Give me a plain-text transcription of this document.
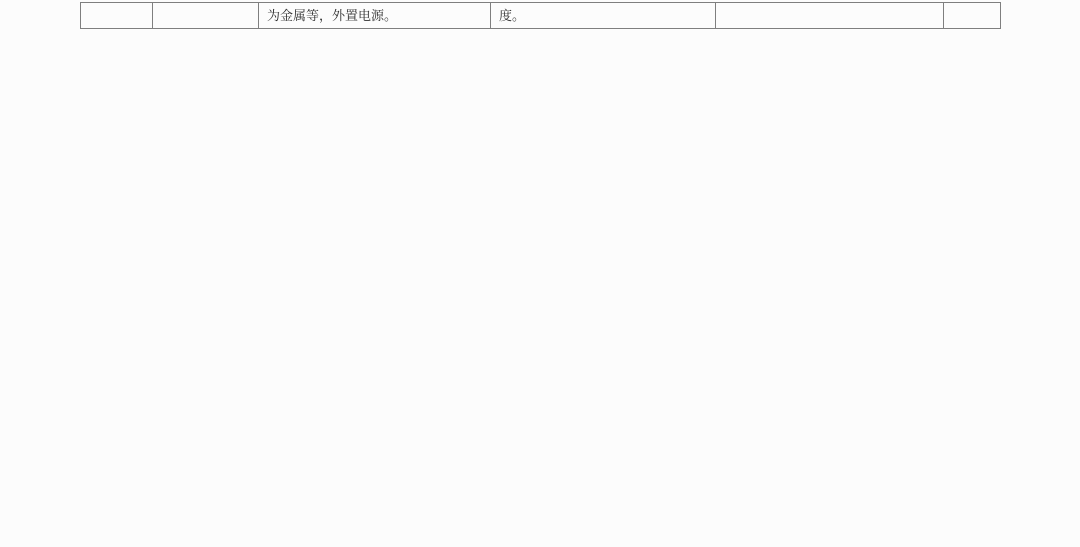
		为金属等，外置电源。	度。		
